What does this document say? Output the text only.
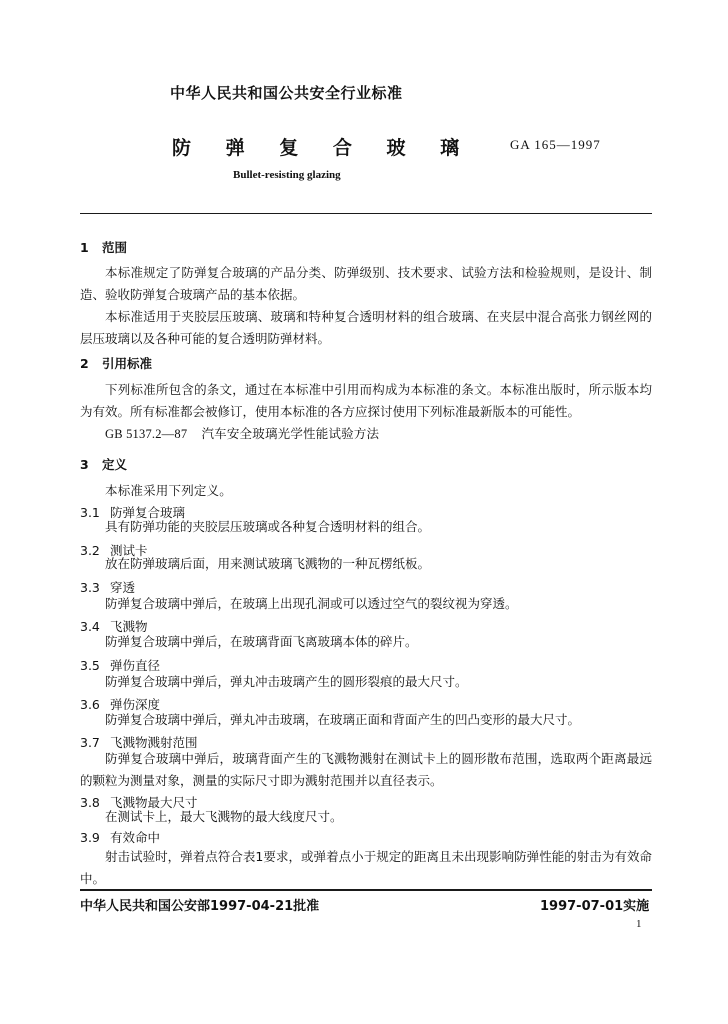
中华人民共和国公共安全行业标准
防 弹 复 合 玻 璃	GA 165—1997
Bullet-resisting glazing
1 范围
本标准规定了防弹复合玻璃的产品分类、防弹级别、技术要求、试验方法和检验规则，是设计、制造、验收防弹复合玻璃产品的基本依据。
本标准适用于夹胶层压玻璃、玻璃和特种复合透明材料的组合玻璃、在夹层中混合高张力钢丝网的层压玻璃以及各种可能的复合透明防弹材料。
2 引用标准
下列标准所包含的条文，通过在本标准中引用而构成为本标准的条文。本标准出版时，所示版本均为有效。所有标准都会被修订，使用本标准的各方应探讨使用下列标准最新版本的可能性。
GB 5137.2—87 汽车安全玻璃光学性能试验方法
3 定义
本标准采用下列定义。
3.1 防弹复合玻璃
具有防弹功能的夹胶层压玻璃或各种复合透明材料的组合。
3.2 测试卡
放在防弹玻璃后面，用来测试玻璃飞溅物的一种瓦楞纸板。
3.3 穿透
防弹复合玻璃中弹后，在玻璃上出现孔洞或可以透过空气的裂纹视为穿透。
3.4 飞溅物
防弹复合玻璃中弹后，在玻璃背面飞离玻璃本体的碎片。
3.5 弹伤直径
防弹复合玻璃中弹后，弹丸冲击玻璃产生的圆形裂痕的最大尺寸。
3.6 弹伤深度
防弹复合玻璃中弹后，弹丸冲击玻璃，在玻璃正面和背面产生的凹凸变形的最大尺寸。
3.7 飞溅物溅射范围
防弹复合玻璃中弹后，玻璃背面产生的飞溅物溅射在测试卡上的圆形散布范围，选取两个距离最远的颗粒为测量对象，测量的实际尺寸即为溅射范围并以直径表示。
3.8 飞溅物最大尺寸
在测试卡上，最大飞溅物的最大线度尺寸。
3.9 有效命中
射击试验时，弹着点符合表1要求，或弹着点小于规定的距离且未出现影响防弹性能的射击为有效命中。
中华人民共和国公安部1997-04-21批准	1997-07-01实施
1
